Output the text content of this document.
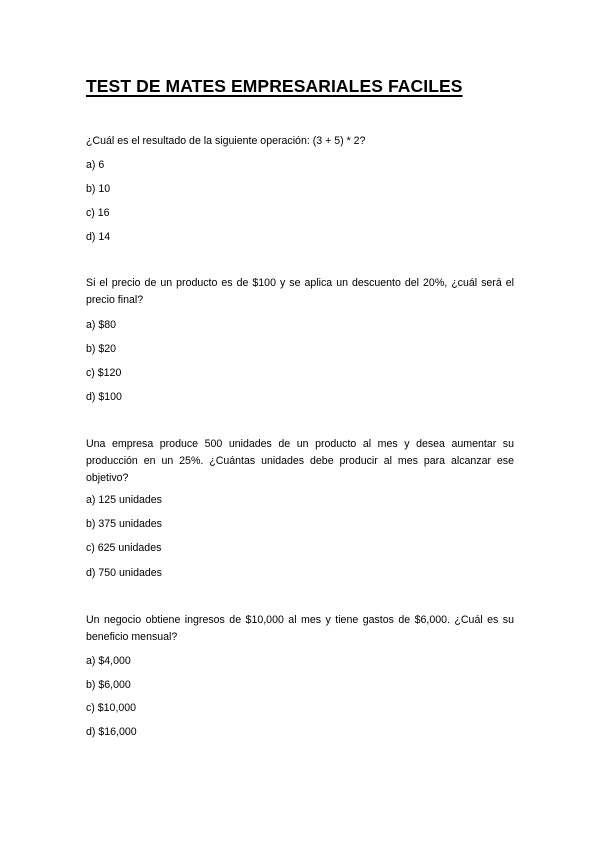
TEST DE MATES EMPRESARIALES FACILES

¿Cuál es el resultado de la siguiente operación: (3 + 5) * 2?

a) 6
b) 10
c) 16
d) 14

Si el precio de un producto es de $100 y se aplica un descuento del 20%, ¿cuál será el precio final?

a) $80
b) $20
c) $120
d) $100

Una empresa produce 500 unidades de un producto al mes y desea aumentar su producción en un 25%. ¿Cuántas unidades debe producir al mes para alcanzar ese objetivo?

a) 125 unidades
b) 375 unidades
c) 625 unidades
d) 750 unidades

Un negocio obtiene ingresos de $10,000 al mes y tiene gastos de $6,000. ¿Cuál es su beneficio mensual?

a) $4,000
b) $6,000
c) $10,000
d) $16,000
